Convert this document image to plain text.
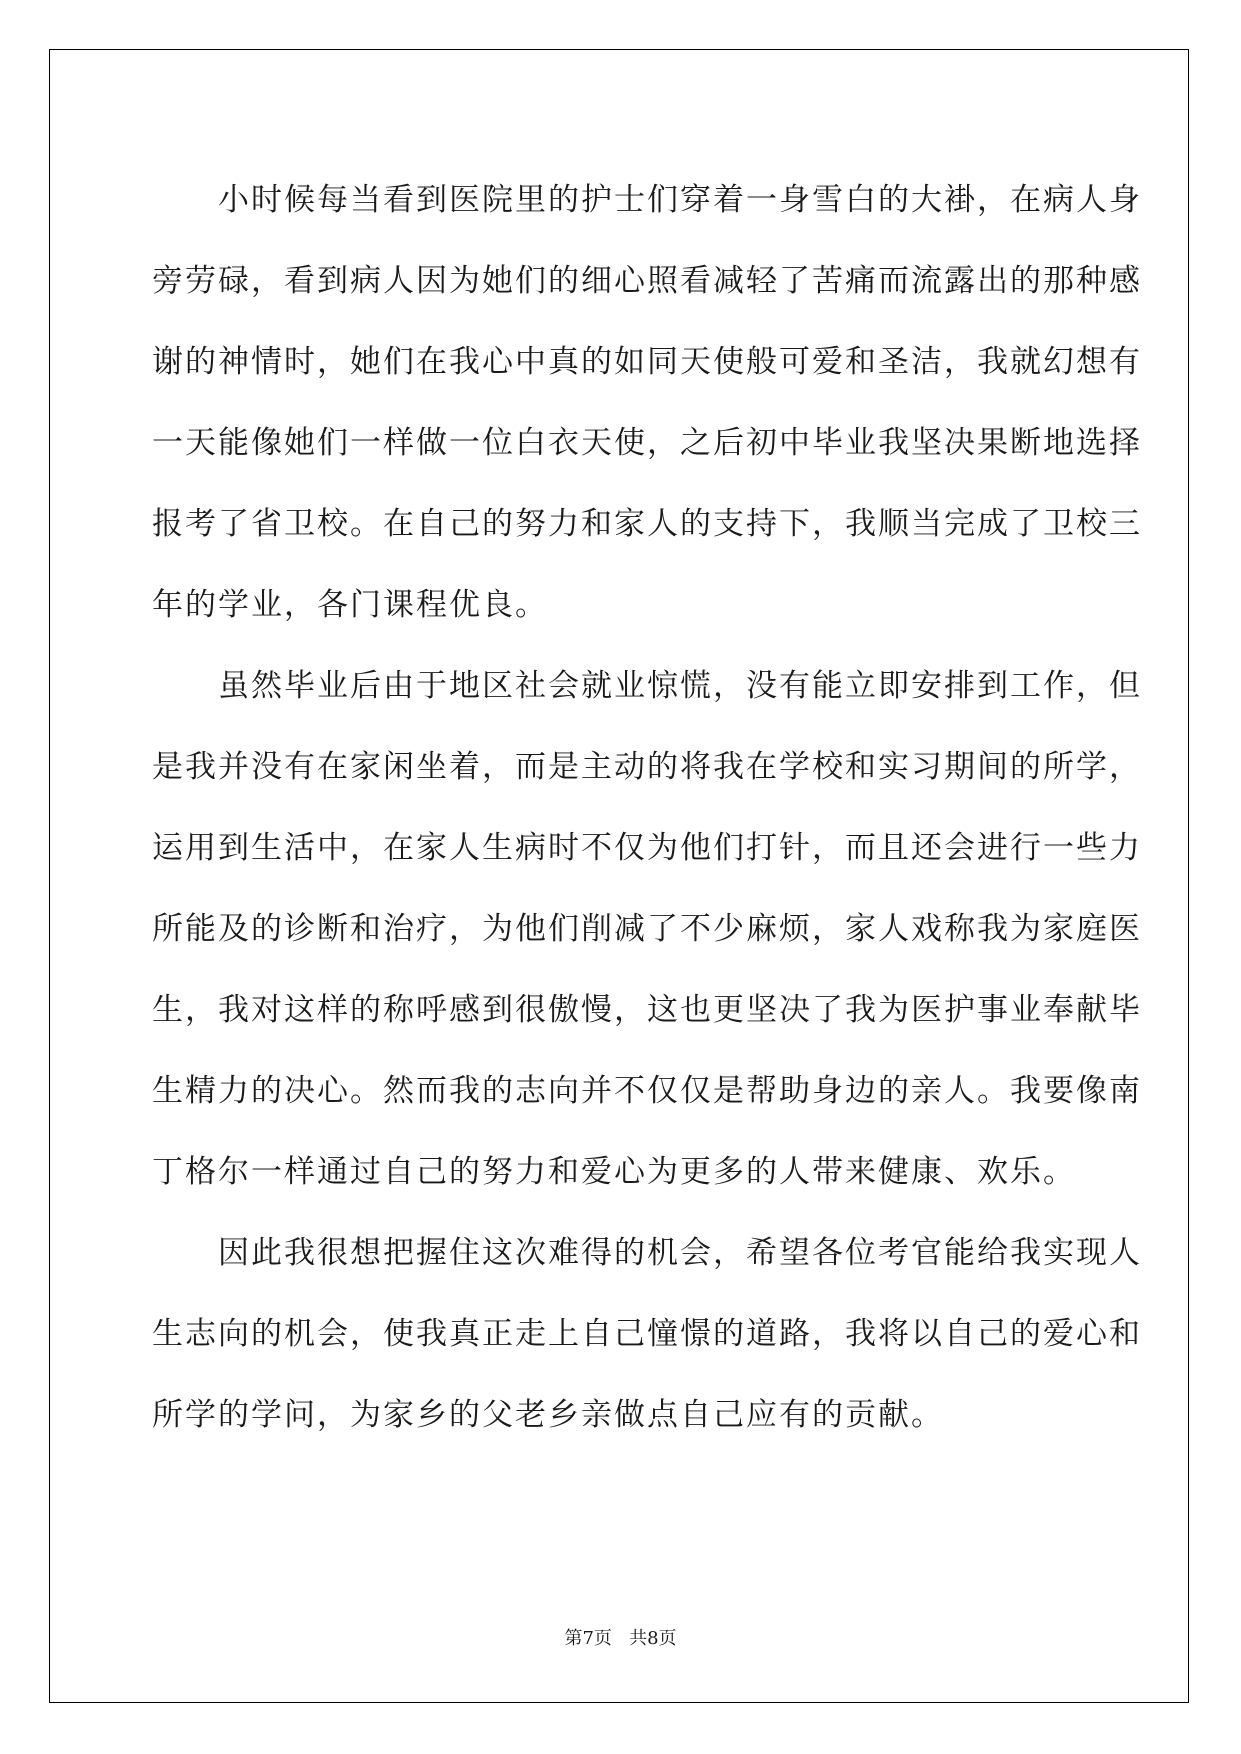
　　小时候每当看到医院里的护士们穿着一身雪白的大褂，在病人身
旁劳碌，看到病人因为她们的细心照看减轻了苦痛而流露出的那种感
谢的神情时，她们在我心中真的如同天使般可爱和圣洁，我就幻想有
一天能像她们一样做一位白衣天使，之后初中毕业我坚决果断地选择
报考了省卫校。在自己的努力和家人的支持下，我顺当完成了卫校三
年的学业，各门课程优良。
　　虽然毕业后由于地区社会就业惊慌，没有能立即安排到工作，但
是我并没有在家闲坐着，而是主动的将我在学校和实习期间的所学，
运用到生活中，在家人生病时不仅为他们打针，而且还会进行一些力
所能及的诊断和治疗，为他们削减了不少麻烦，家人戏称我为家庭医
生，我对这样的称呼感到很傲慢，这也更坚决了我为医护事业奉献毕
生精力的决心。然而我的志向并不仅仅是帮助身边的亲人。我要像南
丁格尔一样通过自己的努力和爱心为更多的人带来健康、欢乐。
　　因此我很想把握住这次难得的机会，希望各位考官能给我实现人
生志向的机会，使我真正走上自己憧憬的道路，我将以自己的爱心和
所学的学问，为家乡的父老乡亲做点自己应有的贡献。
第7页 共8页
